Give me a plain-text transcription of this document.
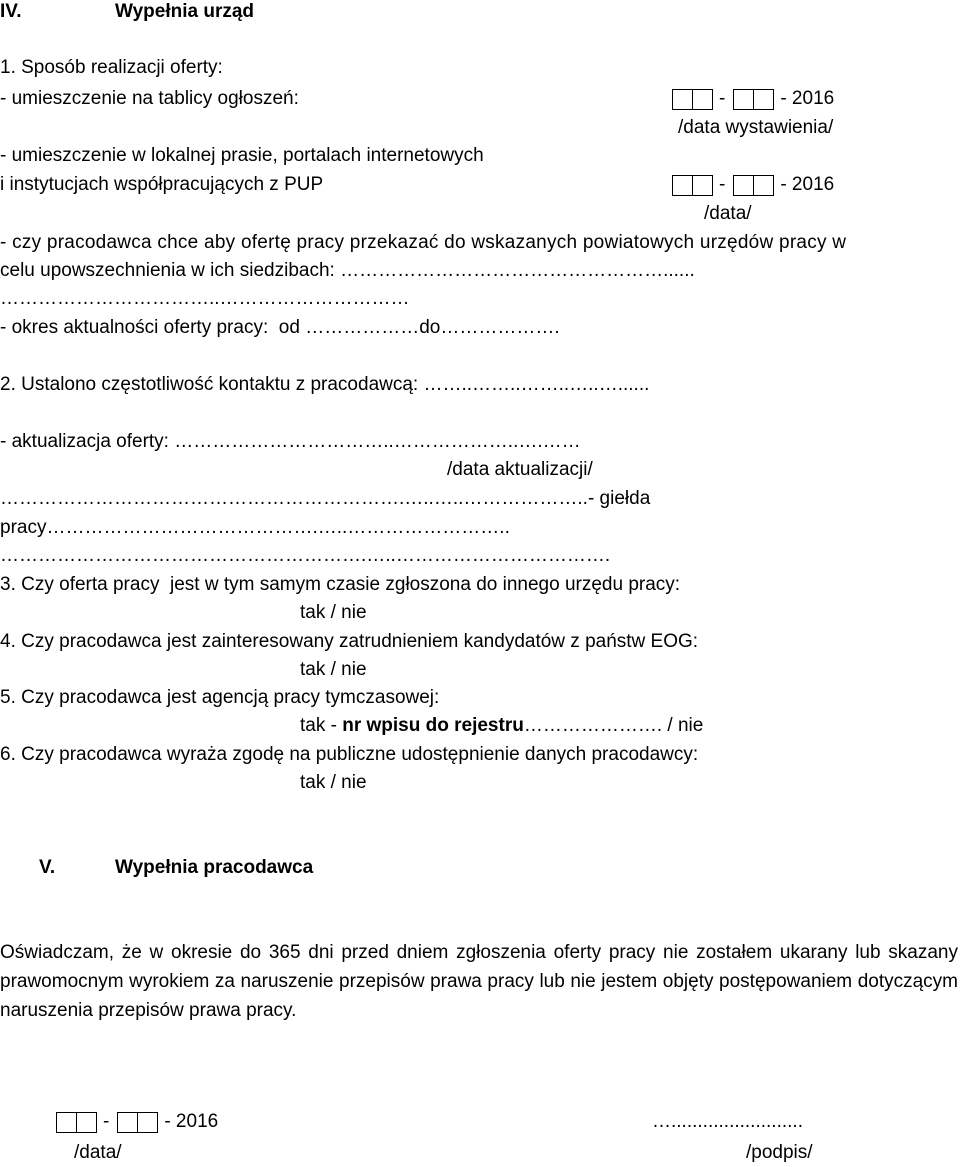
IV.	Wypełnia urząd
1. Sposób realizacji oferty:
- umieszczenie na tablicy ogłoszeń:	-	- 2016
/data wystawienia/
- umieszczenie w lokalnej prasie, portalach internetowych
i instytucjach współpracujących z PUP	-	- 2016
/data/
- czy pracodawca chce aby ofertę pracy przekazać do wskazanych powiatowych urzędów pracy w
celu upowszechnienia w ich siedzibach: ……………………………………………......
……………………………..…………………………
- okres aktualności oferty pracy:  od ………………do……………….
2. Ustalono częstotliwość kontaktu z pracodawcą: ……..……..……..…..…......
- aktualizacja oferty: ……………………………..………………..….……
/data aktualizacji/
……………………………………………………….…..…..………………..- giełda
pracy…………………………………….…..……………………..
………………………………………………….…..…………………………….
3. Czy oferta pracy  jest w tym samym czasie zgłoszona do innego urzędu pracy:
tak / nie
4. Czy pracodawca jest zainteresowany zatrudnieniem kandydatów z państw EOG:
tak / nie
5. Czy pracodawca jest agencją pracy tymczasowej:
tak - nr wpisu do rejestru…………………. / nie
6. Czy pracodawca wyraża zgodę na publiczne udostępnienie danych pracodawcy:
tak / nie
V.	Wypełnia pracodawca
Oświadczam, że w okresie do 365 dni przed dniem zgłoszenia oferty pracy nie zostałem ukarany lub skazany prawomocnym wyrokiem za naruszenie przepisów prawa pracy lub nie jestem objęty postępowaniem dotyczącym naruszenia przepisów prawa pracy.
-	- 2016
/data/
….........................
/podpis/
